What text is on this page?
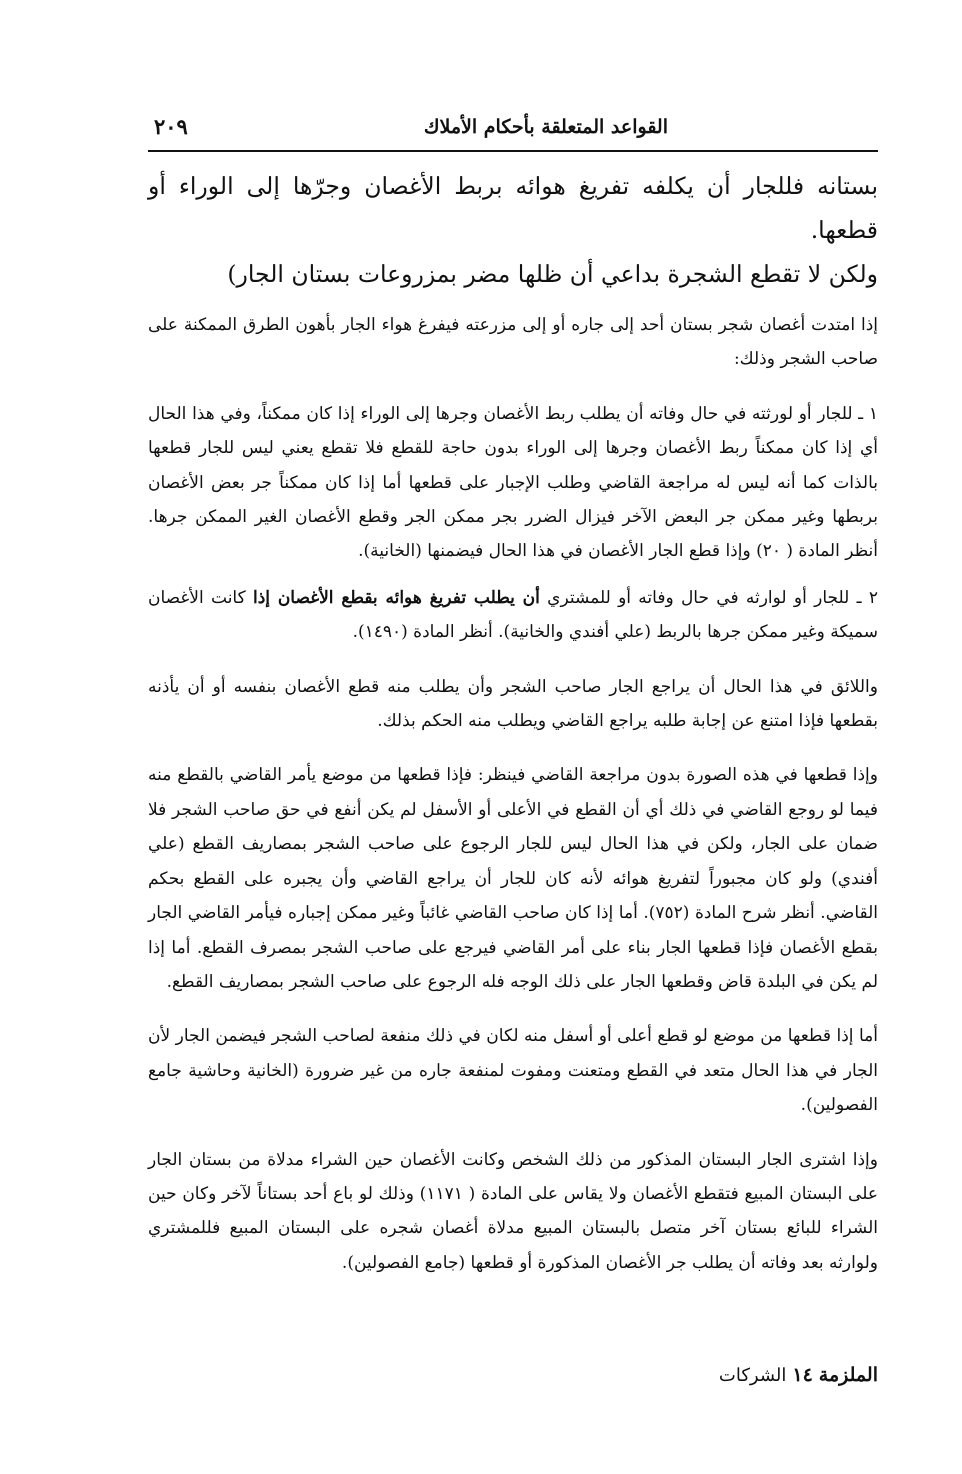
القواعد المتعلقة بأحكام الأملاك
٢٠٩
بستانه فللجار أن يكلفه تفريغ هوائه بربط الأغصان وجرّها إلى الوراء أو قطعها.
ولكن لا تقطع الشجرة بداعي أن ظلها مضر بمزروعات بستان الجار)

إذا امتدت أغصان شجر بستان أحد إلى جاره أو إلى مزرعته فيفرغ هواء الجار بأهون الطرق الممكنة على صاحب الشجر وذلك:

١ ـ للجار أو لورثته في حال وفاته أن يطلب ربط الأغصان وجرها إلى الوراء إذا كان ممكناً، وفي هذا الحال أي إذا كان ممكناً ربط الأغصان وجرها إلى الوراء بدون حاجة للقطع فلا تقطع يعني ليس للجار قطعها بالذات كما أنه ليس له مراجعة القاضي وطلب الإجبار على قطعها أما إذا كان ممكناً جر بعض الأغصان بربطها وغير ممكن جر البعض الآخر فيزال الضرر بجر ممكن الجر وقطع الأغصان الغير الممكن جرها. أنظر المادة ( ٢٠) وإذا قطع الجار الأغصان في هذا الحال فيضمنها (الخانية).

٢ ـ للجار أو لوارثه في حال وفاته أو للمشتري أن يطلب تفريغ هوائه بقطع الأغصان إذا كانت الأغصان سميكة وغير ممكن جرها بالربط (علي أفندي والخانية). أنظر المادة (١٤٩٠).

واللائق في هذا الحال أن يراجع الجار صاحب الشجر وأن يطلب منه قطع الأغصان بنفسه أو أن يأذنه بقطعها فإذا امتنع عن إجابة طلبه يراجع القاضي ويطلب منه الحكم بذلك.

وإذا قطعها في هذه الصورة بدون مراجعة القاضي فينظر: فإذا قطعها من موضع يأمر القاضي بالقطع منه فيما لو روجع القاضي في ذلك أي أن القطع في الأعلى أو الأسفل لم يكن أنفع في حق صاحب الشجر فلا ضمان على الجار، ولكن في هذا الحال ليس للجار الرجوع على صاحب الشجر بمصاريف القطع (علي أفندي) ولو كان مجبوراً لتفريغ هوائه لأنه كان للجار أن يراجع القاضي وأن يجبره على القطع بحكم القاضي. أنظر شرح المادة (٧٥٢). أما إذا كان صاحب القاضي غائباً وغير ممكن إجباره فيأمر القاضي الجار بقطع الأغصان فإذا قطعها الجار بناء على أمر القاضي فيرجع على صاحب الشجر بمصرف القطع. أما إذا لم يكن في البلدة قاض وقطعها الجار على ذلك الوجه فله الرجوع على صاحب الشجر بمصاريف القطع.

أما إذا قطعها من موضع لو قطع أعلى أو أسفل منه لكان في ذلك منفعة لصاحب الشجر فيضمن الجار لأن الجار في هذا الحال متعد في القطع ومتعنت ومفوت لمنفعة جاره من غير ضرورة (الخانية وحاشية جامع الفصولين).

وإذا اشترى الجار البستان المذكور من ذلك الشخص وكانت الأغصان حين الشراء مدلاة من بستان الجار على البستان المبيع فتقطع الأغصان ولا يقاس على المادة ( ١١٧١) وذلك لو باع أحد بستاناً لآخر وكان حين الشراء للبائع بستان آخر متصل بالبستان المبيع مدلاة أغصان شجره على البستان المبيع فللمشتري ولوارثه بعد وفاته أن يطلب جر الأغصان المذكورة أو قطعها (جامع الفصولين).

الملزمة١٤الشركات
